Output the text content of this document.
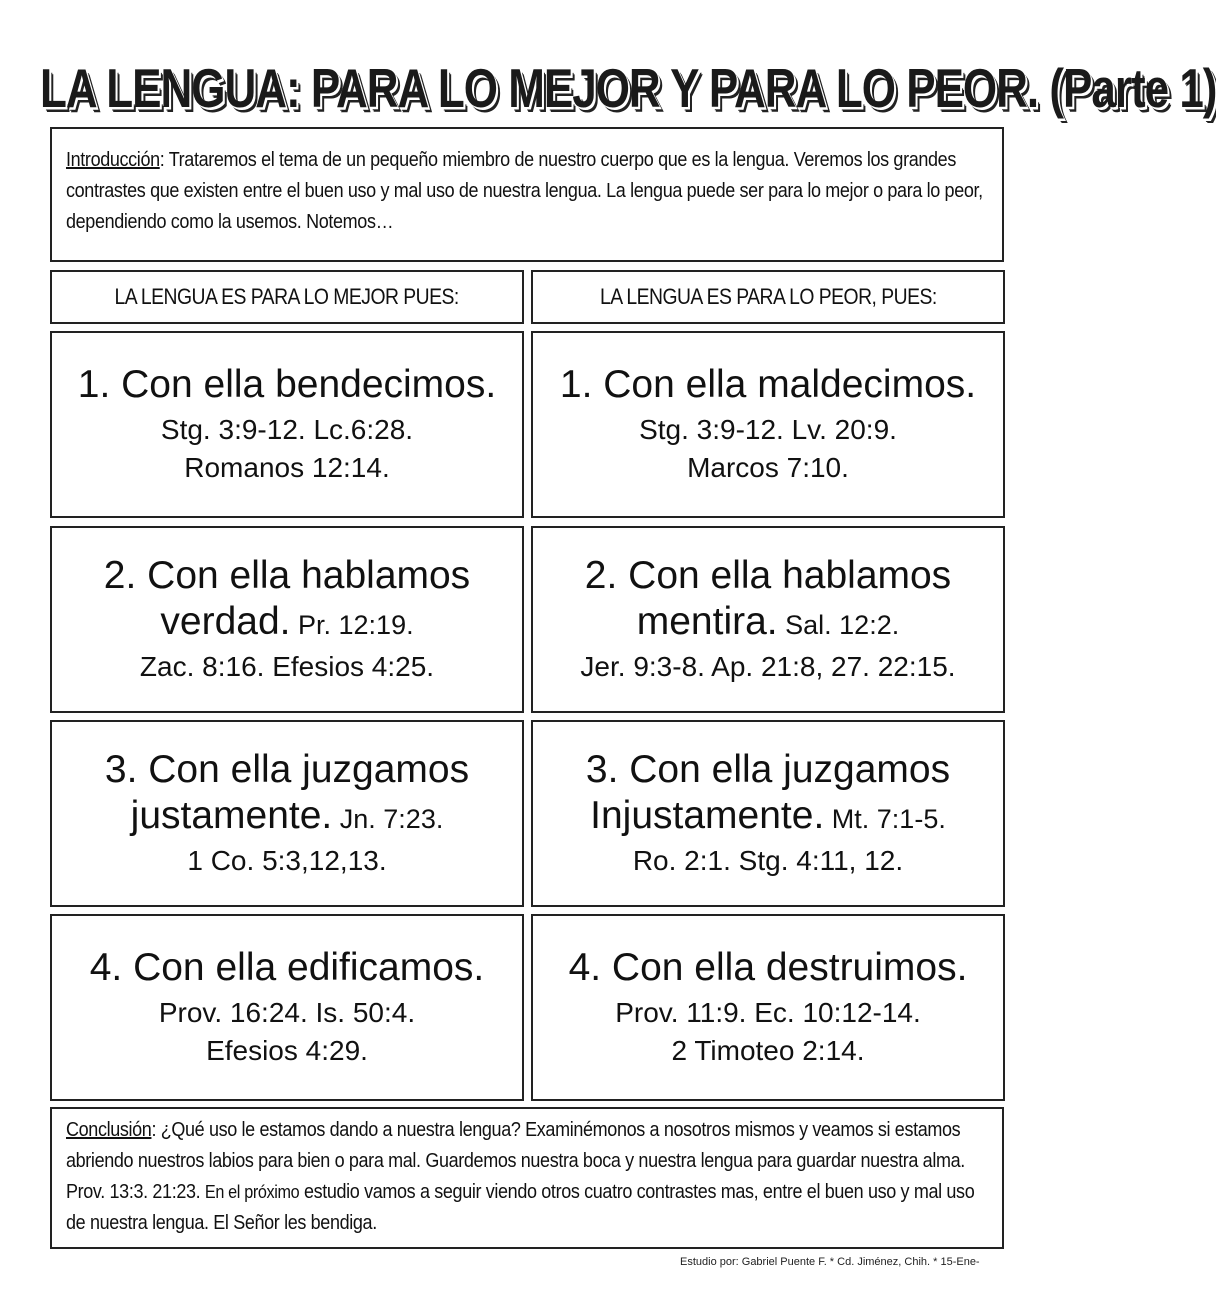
LA LENGUA: PARA LO MEJOR Y PARA LO PEOR. (Parte 1)

Introducción: Trataremos el tema de un pequeño miembro de nuestro cuerpo que es la lengua. Veremos los grandes contrastes que existen entre el buen uso y mal uso de nuestra lengua. La lengua puede ser para lo mejor o para lo peor, dependiendo como la usemos. Notemos…

LA LENGUA ES PARA LO MEJOR PUES:	LA LENGUA ES PARA LO PEOR, PUES:
1. Con ella bendecimos.
Stg. 3:9-12. Lc.6:28.
Romanos 12:14.
2. Con ella hablamos verdad. Pr. 12:19.
Zac. 8:16. Efesios 4:25.
3. Con ella juzgamos justamente. Jn. 7:23.
1 Co. 5:3,12,13.
4. Con ella edificamos.
Prov. 16:24. Is. 50:4.
Efesios 4:29.
1. Con ella maldecimos.
Stg. 3:9-12. Lv. 20:9.
Marcos 7:10.
2. Con ella hablamos mentira. Sal. 12:2.
Jer. 9:3-8. Ap. 21:8, 27. 22:15.
3. Con ella juzgamos Injustamente. Mt. 7:1-5.
Ro. 2:1. Stg. 4:11, 12.
4. Con ella destruimos.
Prov. 11:9. Ec. 10:12-14.
2 Timoteo 2:14.

Conclusión: ¿Qué uso le estamos dando a nuestra lengua? Examinémonos a nosotros mismos y veamos si estamos abriendo nuestros labios para bien o para mal. Guardemos nuestra boca y nuestra lengua para guardar nuestra alma. Prov. 13:3. 21:23. En el próximo estudio vamos a seguir viendo otros cuatro contrastes mas, entre el buen uso y mal uso de nuestra lengua. El Señor les bendiga.

Estudio por: Gabriel Puente F. * Cd. Jiménez, Chih. * 15-Ene-
